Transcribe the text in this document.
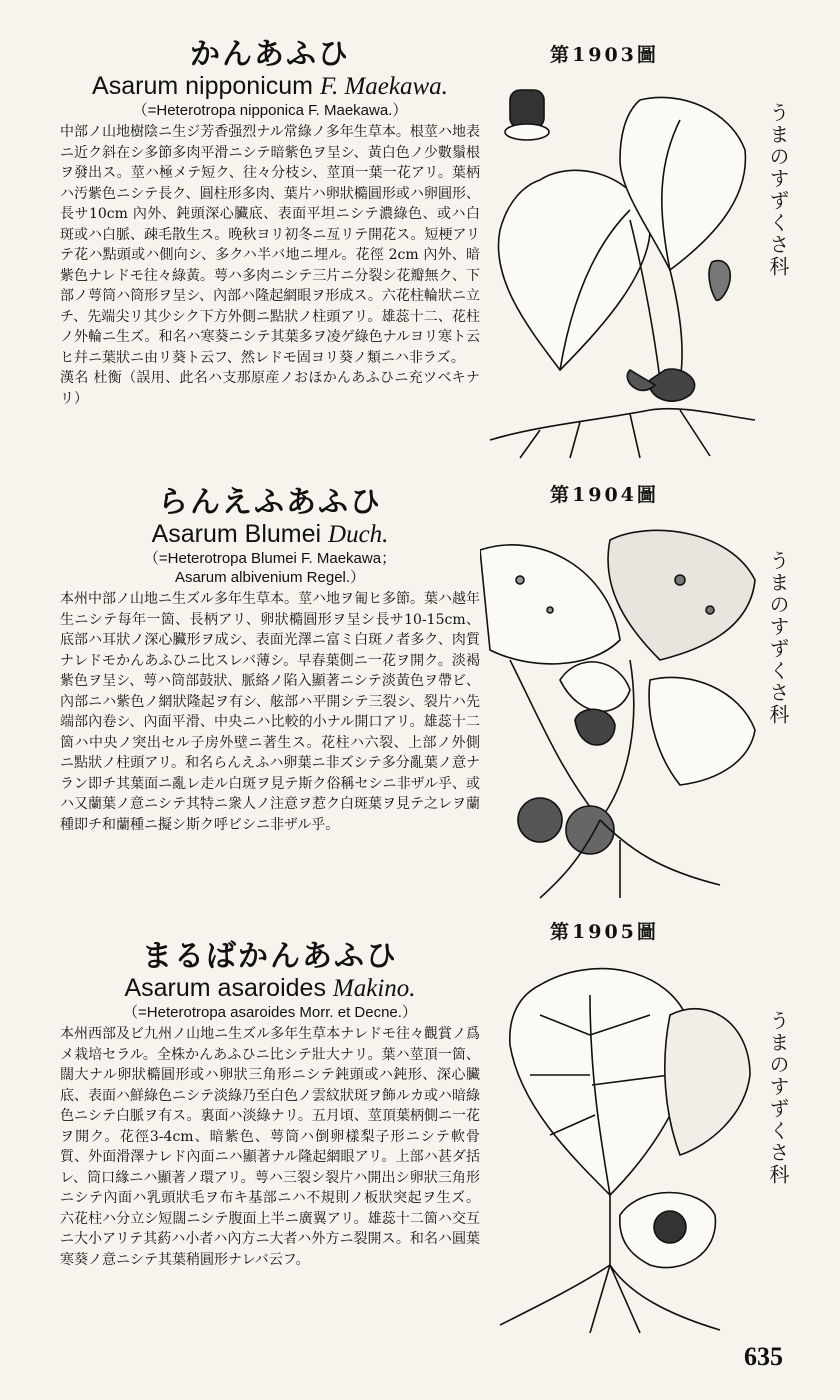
かんあふひ
Asarum nipponicum F. Maekawa.
（=Heterotropa nipponica F. Maekawa.）
中部ノ山地樹陰ニ生ジ芳香强烈ナル常綠ノ多年生草本。根莖ハ地表ニ近ク斜在シ多節多肉平滑ニシテ暗紫色ヲ呈シ、黃白色ノ少數鬚根ヲ發出ス。莖ハ極メテ短ク、往々分枝シ、莖頂一葉一花アリ。葉柄ハ汚紫色ニシテ長ク、圓柱形多肉、葉片ハ卵狀橢圓形或ハ卵圓形、長サ10cm 內外、鈍頭深心臟底、表面平坦ニシテ濃綠色、或ハ白斑或ハ白脈、疎毛散生ス。晚秋ヨリ初冬ニ亙リテ開花ス。短梗アリテ花ハ點頭或ハ側向シ、多クハ半バ地ニ埋ル。花徑 2cm 內外、暗紫色ナレドモ往々綠黃。萼ハ多肉ニシテ三片ニ分裂シ花瓣無ク、下部ノ萼筒ハ筒形ヲ呈シ、內部ハ隆起網眼ヲ形成ス。六花柱輪狀ニ立チ、先端尖リ其少シク下方外側ニ點狀ノ柱頭アリ。雄蕊十二、花柱ノ外輪ニ生ズ。和名ハ寒葵ニシテ其葉多ヲ凌ゲ綠色ナルヨリ寒ト云ヒ幷ニ葉狀ニ由リ葵ト云フ、然レドモ固ヨリ葵ノ類ニハ非ラズ。
漢名 杜衡（誤用、此名ハ支那原産ノおほかんあふひニ充ツベキナリ）
第1903圖
うまのすずくさ科
らんえふあふひ
Asarum Blumei Duch.
（=Heterotropa Blumei F. Maekawa；
Asarum albivenium Regel.）
本州中部ノ山地ニ生ズル多年生草本。莖ハ地ヲ匍ヒ多節。葉ハ越年生ニシテ每年一箇、長柄アリ、卵狀橢圓形ヲ呈シ長サ10-15cm、底部ハ耳狀ノ深心臟形ヲ成シ、表面光澤ニ富ミ白斑ノ者多ク、肉質ナレドモかんあふひニ比スレバ薄シ。早春葉側ニ一花ヲ開ク。淡褐紫色ヲ呈シ、萼ハ筒部鼓狀、脈絡ノ陷入顯著ニシテ淡黃色ヲ帶ビ、內部ニハ紫色ノ網狀隆起ヲ有シ、舷部ハ平開シテ三裂シ、裂片ハ先端部內卷シ、內面平滑、中央ニハ比較的小ナル開口アリ。雄蕊十二箇ハ中央ノ突出セル子房外壁ニ著生ス。花柱ハ六裂、上部ノ外側ニ點狀ノ柱頭アリ。和名らんえふハ卵葉ニ非ズシテ多分亂葉ノ意ナラン即チ其葉面ニ亂レ走ル白斑ヲ見テ斯ク俗稱セシニ非ザル乎、或ハ又蘭葉ノ意ニシテ其特ニ衆人ノ注意ヲ惹ク白斑葉ヲ見テ之レヲ蘭種即チ和蘭種ニ擬シ斯ク呼ビシニ非ザル乎。
第1904圖
うまのすずくさ科
まるばかんあふひ
Asarum asaroides Makino.
（=Heterotropa asaroides Morr. et Decne.）
本州西部及ビ九州ノ山地ニ生ズル多年生草本ナレドモ往々觀賞ノ爲メ栽培セラル。全株かんあふひニ比シテ壯大ナリ。葉ハ莖頂一箇、闊大ナル卵狀橢圓形或ハ卵狀三角形ニシテ鈍頭或ハ鈍形、深心臟底、表面ハ鮮綠色ニシテ淡綠乃至白色ノ雲紋狀斑ヲ飾ルカ或ハ暗綠色ニシテ白脈ヲ有ス。裏面ハ淡綠ナリ。五月頃、莖頂葉柄側ニ一花ヲ開ク。花徑3-4cm、暗紫色、萼筒ハ倒卵樣梨子形ニシテ軟骨質、外面滑澤ナレド內面ニハ顯著ナル隆起網眼アリ。上部ハ甚ダ括レ、筒口緣ニハ顯著ノ環アリ。萼ハ三裂シ裂片ハ開出シ卵狀三角形ニシテ內面ハ乳頭狀毛ヲ布キ基部ニハ不規則ノ板狀突起ヲ生ズ。六花柱ハ分立シ短闊ニシテ腹面上半ニ廣翼アリ。雄蕊十二箇ハ交互ニ大小アリテ其葯ハ小者ハ內方ニ大者ハ外方ニ裂開ス。和名ハ圓葉寒葵ノ意ニシテ其葉稍圓形ナレバ云フ。
第1905圖
うまのすずくさ科
635
